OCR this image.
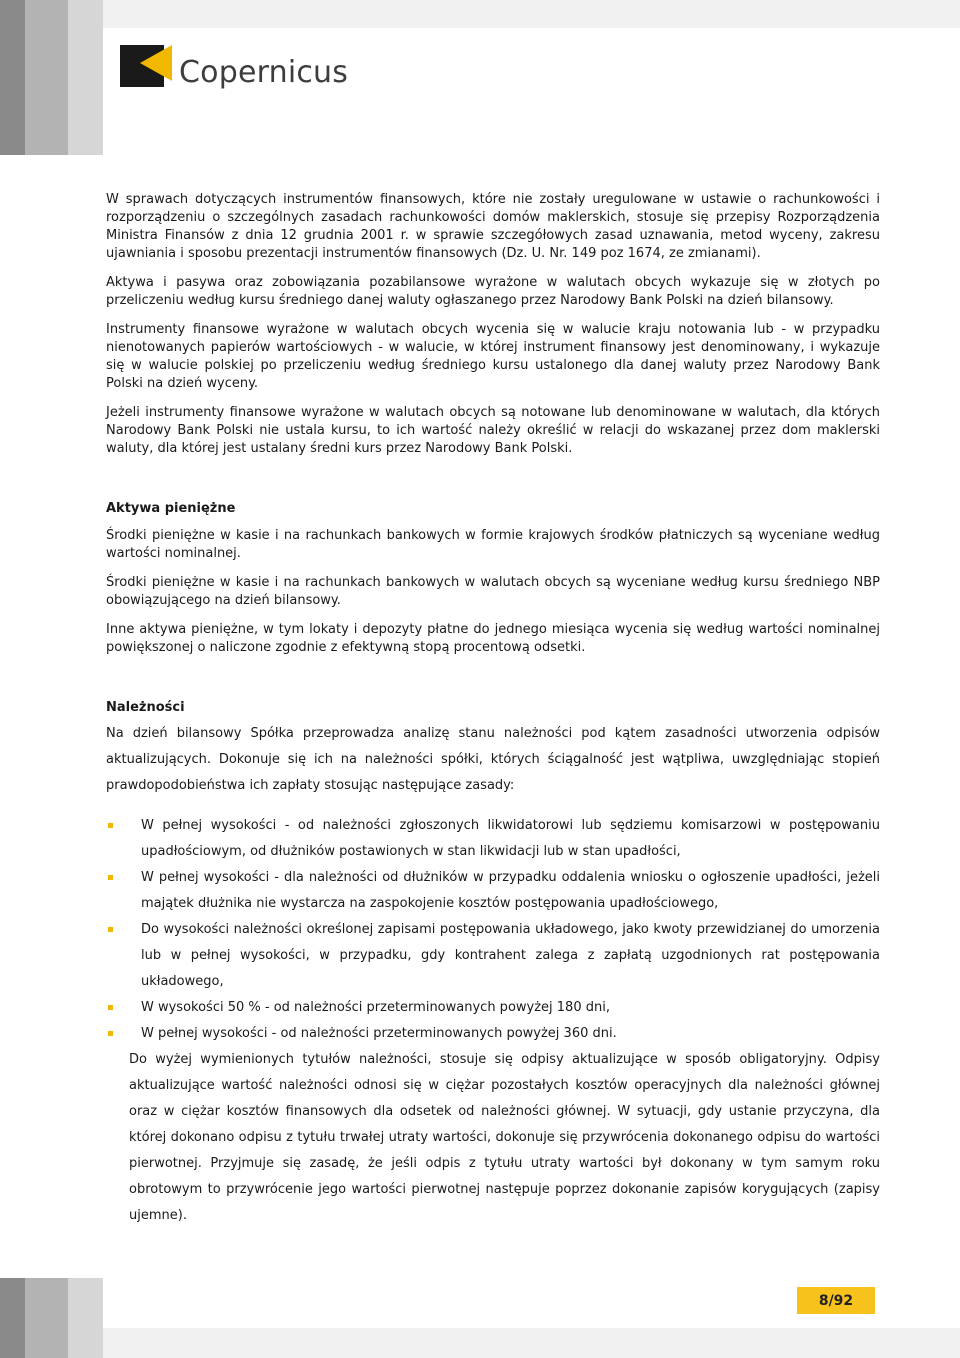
Copernicus

W sprawach dotyczących instrumentów finansowych, które nie zostały uregulowane w ustawie o rachunkowości i rozporządzeniu o szczególnych zasadach rachunkowości domów maklerskich, stosuje się przepisy Rozporządzenia Ministra Finansów z dnia 12 grudnia 2001 r. w sprawie szczegółowych zasad uznawania, metod wyceny, zakresu ujawniania i sposobu prezentacji instrumentów finansowych (Dz. U. Nr. 149 poz 1674, ze zmianami).

Aktywa i pasywa oraz zobowiązania pozabilansowe wyrażone w walutach obcych wykazuje się w złotych po przeliczeniu według kursu średniego danej waluty ogłaszanego przez Narodowy Bank Polski na dzień bilansowy.

Instrumenty finansowe wyrażone w walutach obcych wycenia się w walucie kraju notowania lub - w przypadku nienotowanych papierów wartościowych - w walucie, w której instrument finansowy jest denominowany, i wykazuje się w walucie polskiej po przeliczeniu według średniego kursu ustalonego dla danej waluty przez Narodowy Bank Polski na dzień wyceny.

Jeżeli instrumenty finansowe wyrażone w walutach obcych są notowane lub denominowane w walutach, dla których Narodowy Bank Polski nie ustala kursu, to ich wartość należy określić w relacji do wskazanej przez dom maklerski waluty, dla której jest ustalany średni kurs przez Narodowy Bank Polski.

Aktywa pieniężne

Środki pieniężne w kasie i na rachunkach bankowych w formie krajowych środków płatniczych są wyceniane według wartości nominalnej.

Środki pieniężne w kasie i na rachunkach bankowych w walutach obcych są wyceniane według kursu średniego NBP obowiązującego na dzień bilansowy.

Inne aktywa pieniężne, w tym lokaty i depozyty płatne do jednego miesiąca wycenia się według wartości nominalnej powiększonej o naliczone zgodnie z efektywną stopą procentową odsetki.

Należności

Na dzień bilansowy Spółka przeprowadza analizę stanu należności pod kątem zasadności utworzenia odpisów aktualizujących. Dokonuje się ich na należności spółki, których ściągalność jest wątpliwa, uwzględniając stopień prawdopodobieństwa ich zapłaty stosując następujące zasady:

W pełnej wysokości - od należności zgłoszonych likwidatorowi lub sędziemu komisarzowi w postępowaniu upadłościowym, od dłużników postawionych w stan likwidacji lub w stan upadłości,
W pełnej wysokości - dla należności od dłużników w przypadku oddalenia wniosku o ogłoszenie upadłości, jeżeli majątek dłużnika nie wystarcza na zaspokojenie kosztów postępowania upadłościowego,
Do wysokości należności określonej zapisami postępowania układowego, jako kwoty przewidzianej do umorzenia lub w pełnej wysokości, w przypadku, gdy kontrahent zalega z zapłatą uzgodnionych rat postępowania układowego,
W wysokości 50 % - od należności przeterminowanych powyżej 180 dni,
W pełnej wysokości - od należności przeterminowanych powyżej 360 dni.

Do wyżej wymienionych tytułów należności, stosuje się odpisy aktualizujące w sposób obligatoryjny. Odpisy aktualizujące wartość należności odnosi się w ciężar pozostałych kosztów operacyjnych dla należności głównej oraz w ciężar kosztów finansowych dla odsetek od należności głównej. W sytuacji, gdy ustanie przyczyna, dla której dokonano odpisu z tytułu trwałej utraty wartości, dokonuje się przywrócenia dokonanego odpisu do wartości pierwotnej. Przyjmuje się zasadę, że jeśli odpis z tytułu utraty wartości był dokonany w tym samym roku obrotowym to przywrócenie jego wartości pierwotnej następuje poprzez dokonanie zapisów korygujących (zapisy ujemne).

8/92
